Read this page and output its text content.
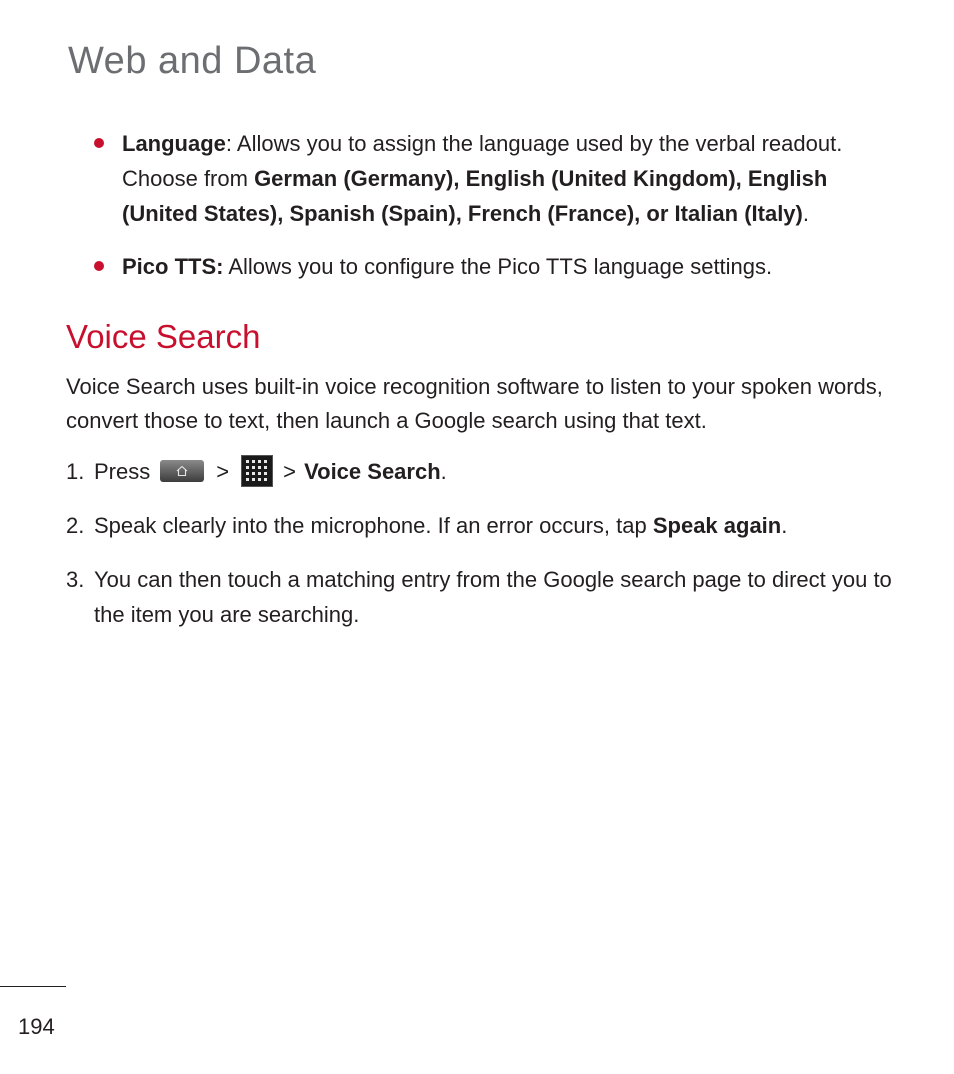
Web and Data
Language: Allows you to assign the language used by the verbal readout. Choose from German (Germany), English (United Kingdom), English (United States), Spanish (Spain), French (France), or Italian (Italy).
Pico TTS: Allows you to configure the Pico TTS language settings.
Voice Search

Voice Search uses built-in voice recognition software to listen to your spoken words, convert those to text, then launch a Google search using that text.

1. Press	> > Voice Search.
2. Speak clearly into the microphone. If an error occurs, tap Speak again.
3. You can then touch a matching entry from the Google search page to direct you to the item you are searching.
194
